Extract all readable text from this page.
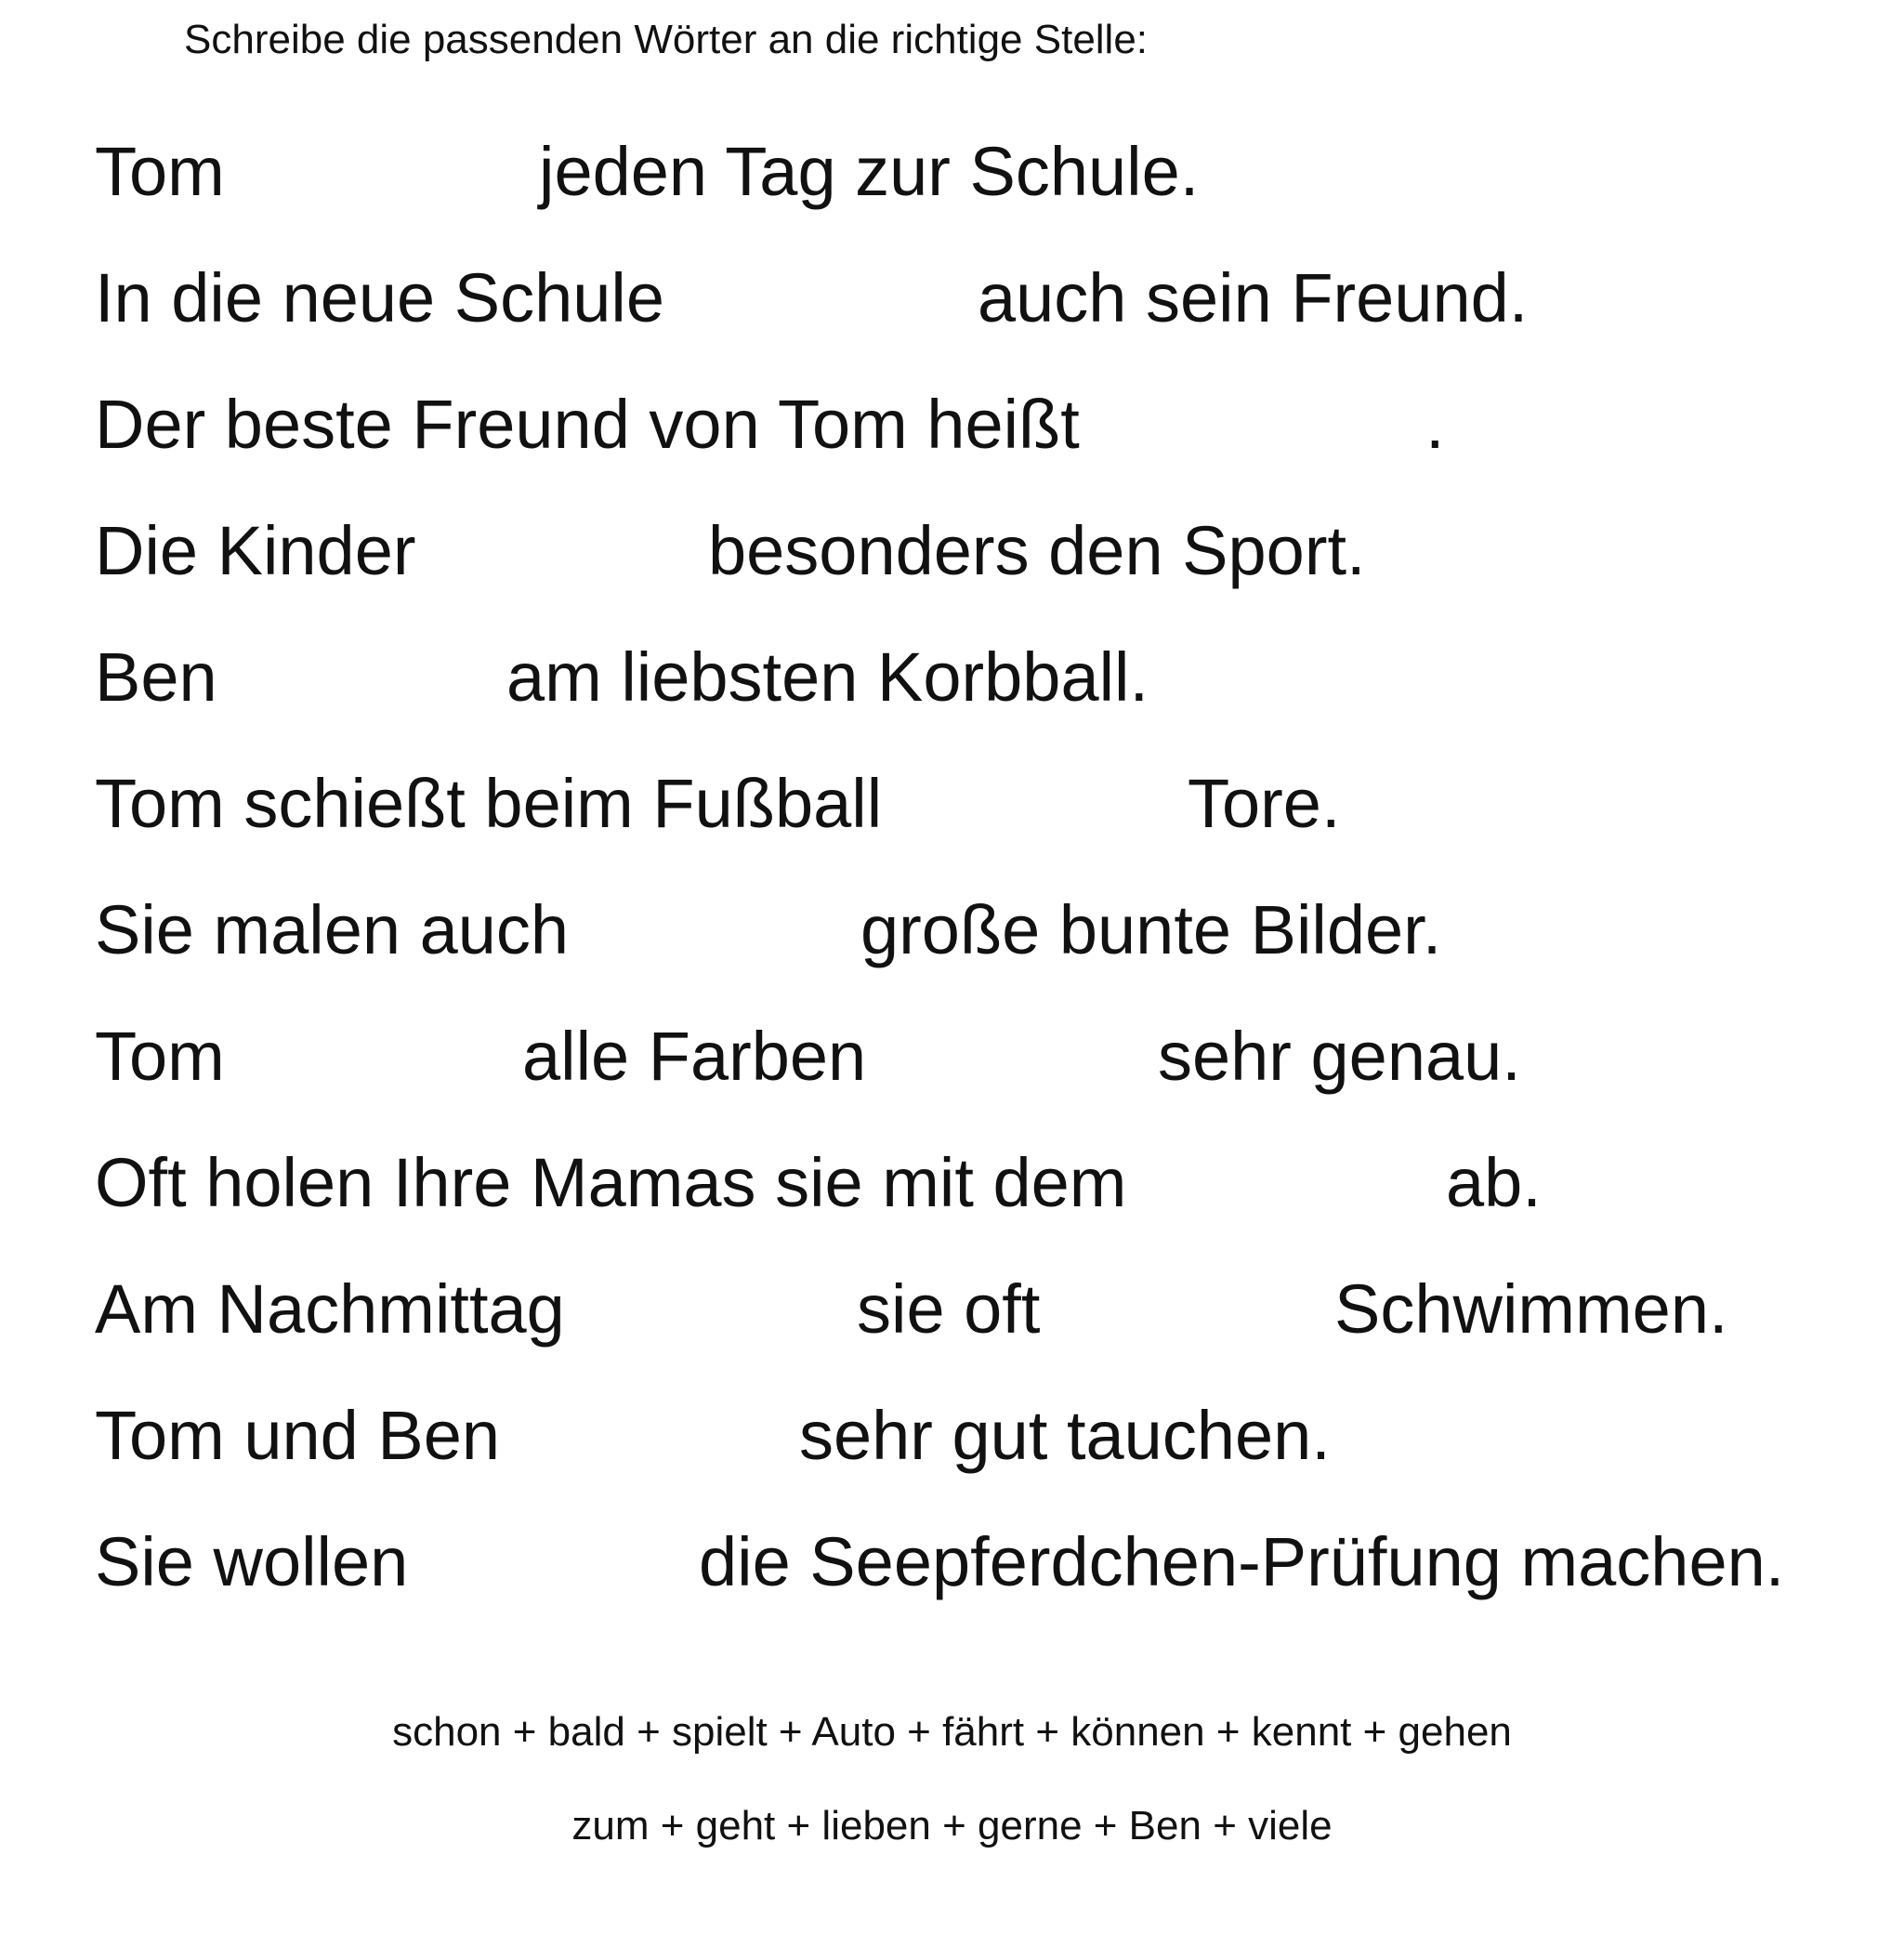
Schreibe die passenden Wörter an die richtige Stelle:
Tom	jeden Tag zur Schule.
In die neue Schule	auch sein Freund.
Der beste Freund von Tom heißt	.
Die Kinder	besonders den Sport.
Ben	am liebsten Korbball.
Tom schießt beim Fußball	Tore.
Sie malen auch	große bunte Bilder.
Tom	alle Farben	sehr genau.
Oft holen Ihre Mamas sie mit dem	ab.
Am Nachmittag	sie oft	Schwimmen.
Tom und Ben	sehr gut tauchen.
Sie wollen	die Seepferdchen-Prüfung machen.
schon + bald + spielt + Auto + fährt + können + kennt + gehen
zum + geht + lieben + gerne + Ben + viele
